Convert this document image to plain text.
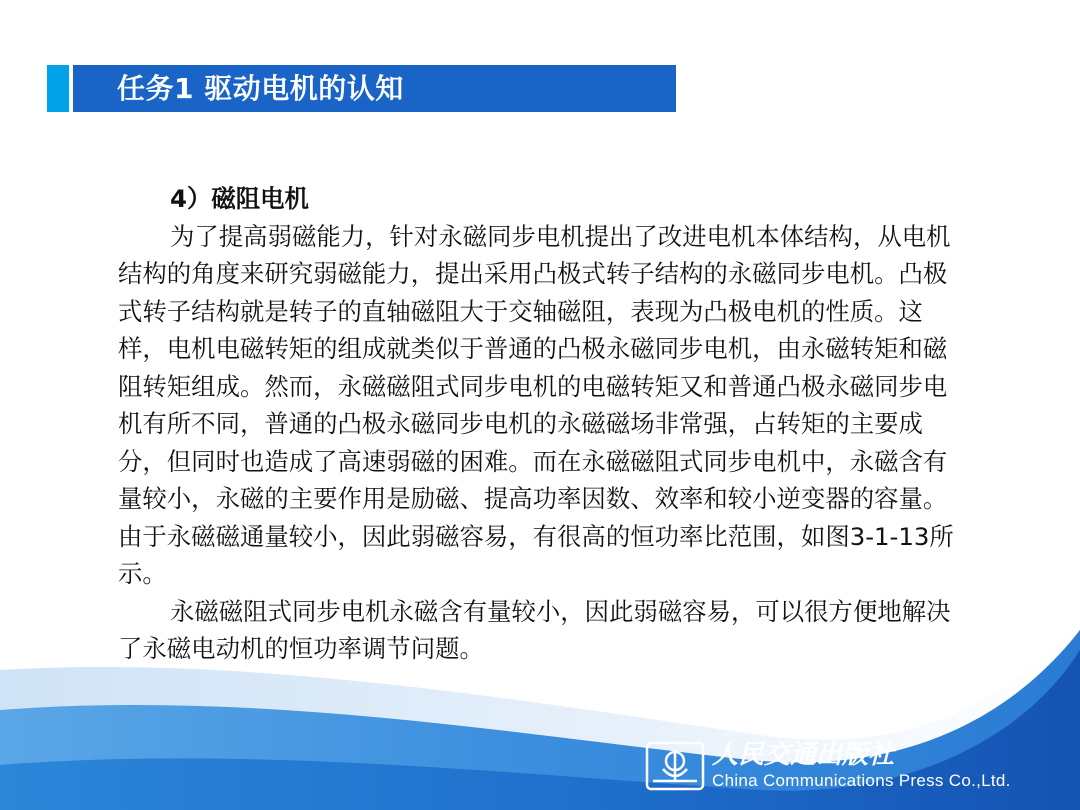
任务1 驱动电机的认知

4）磁阻电机

为了提高弱磁能力，针对永磁同步电机提出了改进电机本体结构，从电机结构的角度来研究弱磁能力，提出采用凸极式转子结构的永磁同步电机。凸极式转子结构就是转子的直轴磁阻大于交轴磁阻，表现为凸极电机的性质。这样，电机电磁转矩的组成就类似于普通的凸极永磁同步电机，由永磁转矩和磁阻转矩组成。然而，永磁磁阻式同步电机的电磁转矩又和普通凸极永磁同步电机有所不同，普通的凸极永磁同步电机的永磁磁场非常强，占转矩的主要成分，但同时也造成了高速弱磁的困难。而在永磁磁阻式同步电机中，永磁含有量较小，永磁的主要作用是励磁、提高功率因数、效率和较小逆变器的容量。由于永磁磁通量较小，因此弱磁容易，有很高的恒功率比范围，如图3-1-13所示。

永磁磁阻式同步电机永磁含有量较小，因此弱磁容易，可以很方便地解决了永磁电动机的恒功率调节问题。

人民交通出版社
China Communications Press Co.,Ltd.
